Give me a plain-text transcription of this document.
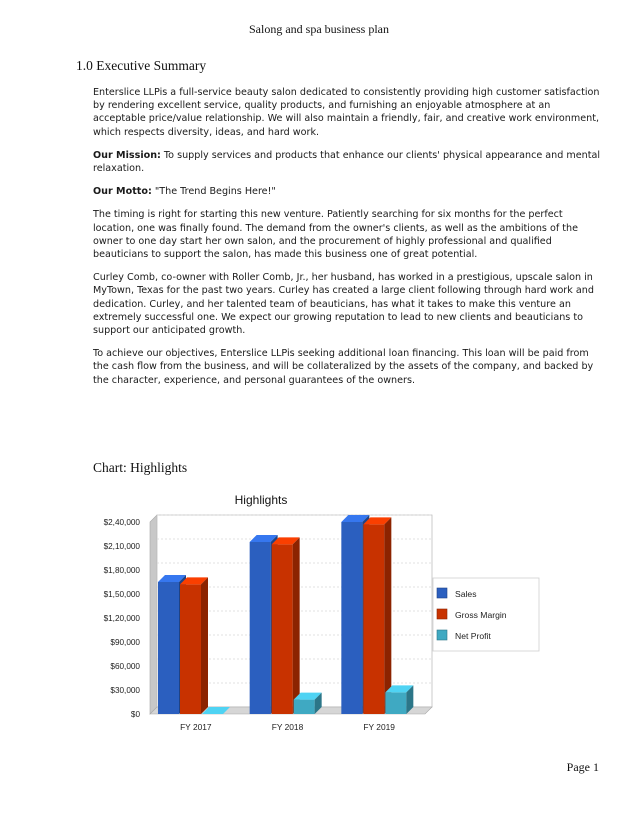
Salong and spa business plan
1.0 Executive Summary

Enterslice LLPis a full-service beauty salon dedicated to consistently providing high customer satisfaction by rendering excellent service, quality products, and furnishing an enjoyable atmosphere at an acceptable price/value relationship. We will also maintain a friendly, fair, and creative work environment, which respects diversity, ideas, and hard work.

Our Mission: To supply services and products that enhance our clients' physical appearance and mental relaxation.

Our Motto: "The Trend Begins Here!"

The timing is right for starting this new venture. Patiently searching for six months for the perfect location, one was finally found. The demand from the owner's clients, as well as the ambitions of the owner to one day start her own salon, and the procurement of highly professional and qualified beauticians to support the salon, has made this business one of great potential.

Curley Comb, co-owner with Roller Comb, Jr., her husband, has worked in a prestigious, upscale salon in MyTown, Texas for the past two years. Curley has created a large client following through hard work and dedication. Curley, and her talented team of beauticians, has what it takes to make this venture an extremely successful one. We expect our growing reputation to lead to new clients and beauticians to support our anticipated growth.

To achieve our objectives, Enterslice LLPis seeking additional loan financing. This loan will be paid from the cash flow from the business, and will be collateralized by the assets of the company, and backed by the character, experience, and personal guarantees of the owners.

Chart: Highlights
Highlights
$0
$30,000
$60,000
$90,000
$1,20,000
$1,50,000
$1,80,000
$2,10,000
$2,40,000
FY 2017	FY 2018	FY 2019
Sales
Gross Margin
Net Profit
Page 1
